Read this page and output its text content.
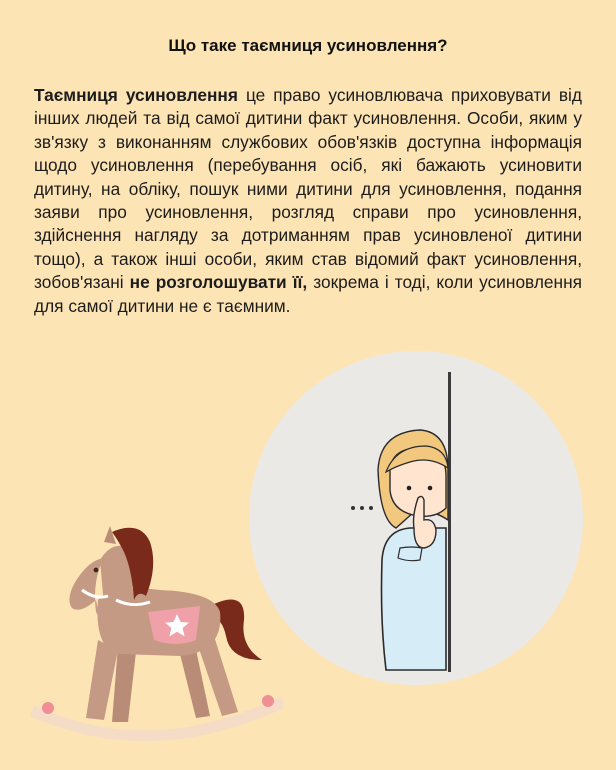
Що таке таємниця усиновлення?
Таємниця усиновлення це право усиновлювача приховувати від інших людей та від самої дитини факт усиновлення. Особи, яким у зв'язку з виконанням службових обов'язків доступна інформація щодо усиновлення (перебування осіб, які бажають усиновити дитину, на обліку, пошук ними дитини для усиновлення, подання заяви про усиновлення, розгляд справи про усиновлення, здійснення нагляду за дотриманням прав усиновленої дитини тощо), а також інші особи, яким став відомий факт усиновлення, зобов'язані не розголошувати її, зокрема і тоді, коли усиновлення для самої дитини не є таємним.
